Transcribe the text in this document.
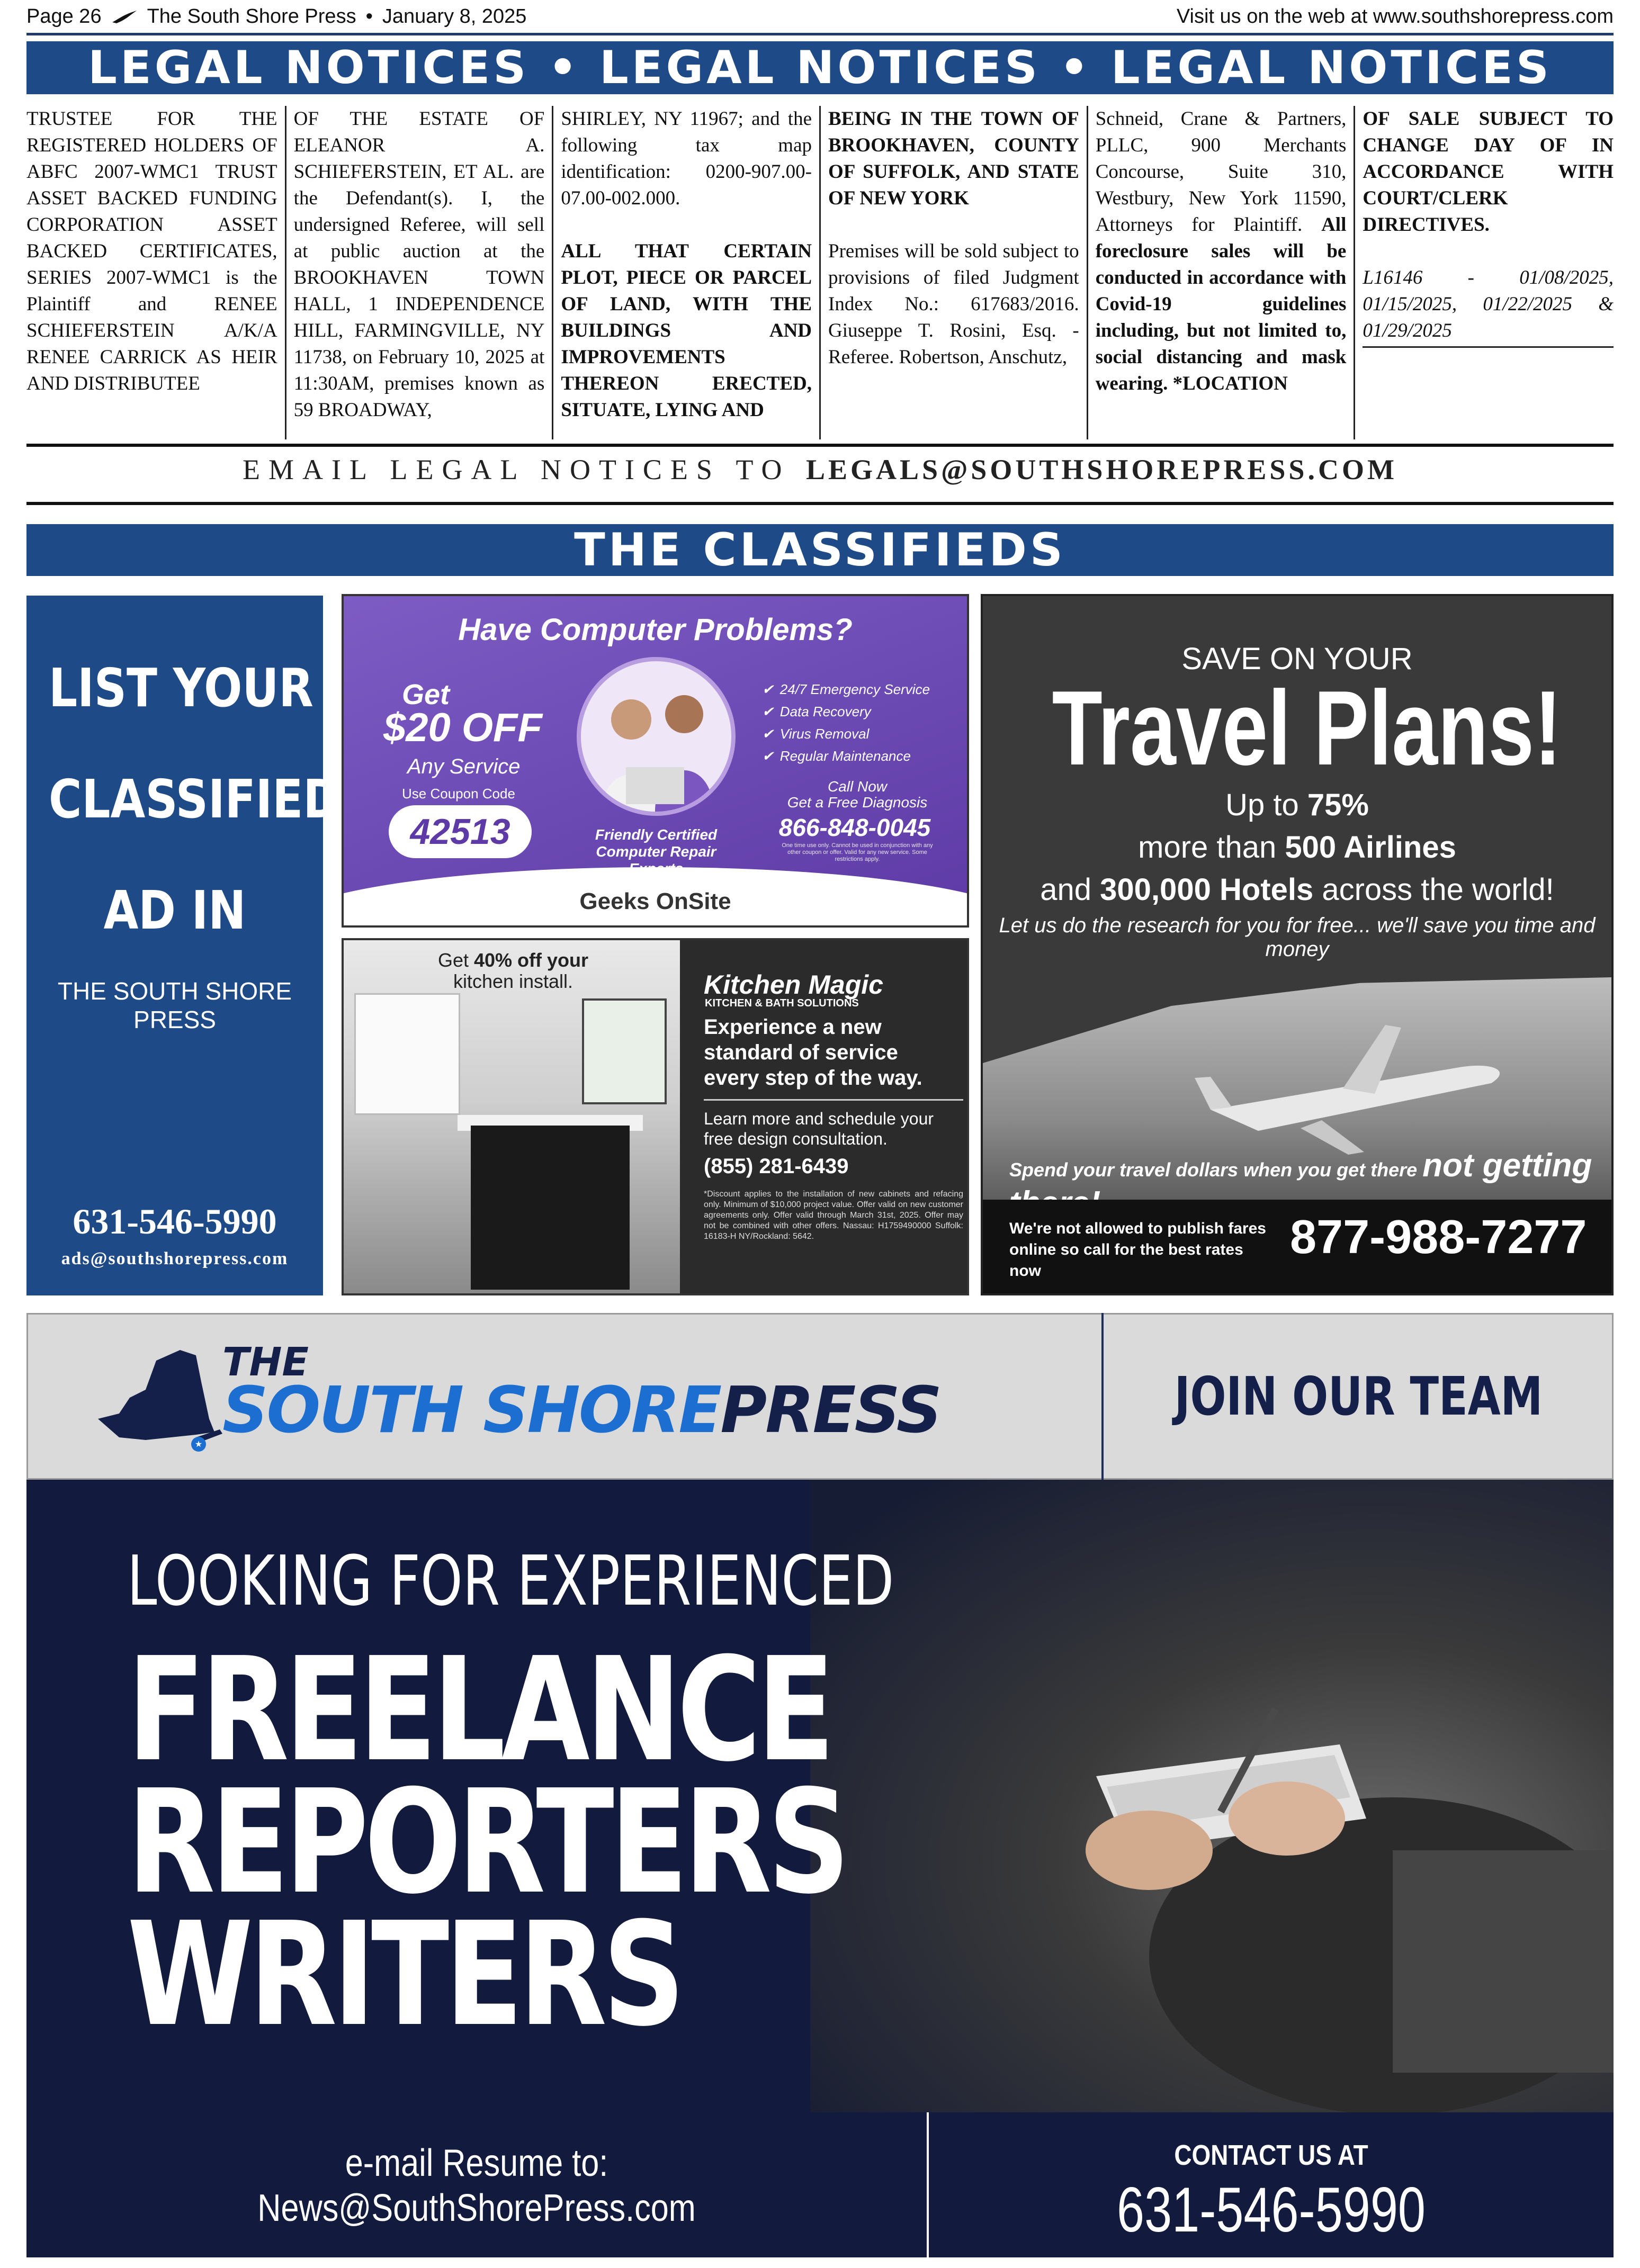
Page 26 The South Shore Press • January 8, 2025	Visit us on the web at www.southshorepress.com
LEGAL NOTICES • LEGAL NOTICES • LEGAL NOTICES

TRUSTEE FOR THE REGISTERED HOLDERS OF ABFC 2007-WMC1 TRUST ASSET BACKED FUNDING CORPORATION ASSET BACKED CERTIFICATES, SERIES 2007-WMC1 is the Plaintiff and RENEE SCHIEFERSTEIN A/K/A RENEE CARRICK AS HEIR AND DISTRIBUTEE

OF THE ESTATE OF ELEANOR A. SCHIEFERSTEIN, ET AL. are the Defendant(s). I, the undersigned Referee, will sell at public auction at the BROOKHAVEN TOWN HALL, 1 INDEPENDENCE HILL, FARMINGVILLE, NY 11738, on February 10, 2025 at 11:30AM, premises known as 59 BROADWAY,

SHIRLEY, NY 11967; and the following tax map identification: 0200-907.00-07.00-002.000.

ALL THAT CERTAIN PLOT, PIECE OR PARCEL OF LAND, WITH THE BUILDINGS AND IMPROVEMENTS THEREON ERECTED, SITUATE, LYING AND

BEING IN THE TOWN OF BROOKHAVEN, COUNTY OF SUFFOLK, AND STATE OF NEW YORK

Premises will be sold subject to provisions of filed Judgment Index No.: 617683/2016. Giuseppe T. Rosini, Esq. - Referee. Robertson, Anschutz,

Schneid, Crane & Partners, PLLC, 900 Merchants Concourse, Suite 310, Westbury, New York 11590, Attorneys for Plaintiff. All foreclosure sales will be conducted in accordance with Covid-19 guidelines including, but not limited to, social distancing and mask wearing. *LOCATION

OF SALE SUBJECT TO CHANGE DAY OF IN ACCORDANCE WITH COURT/CLERK DIRECTIVES.

L16146 - 01/08/2025, 01/15/2025, 01/22/2025 & 01/29/2025

EMAIL LEGAL NOTICES TO LEGALS@SOUTHSHOREPRESS.COM
THE CLASSIFIEDS
LIST YOUR
CLASSIFIED
AD IN
THE SOUTH SHORE PRESS
631-546-5990
ads@southshorepress.com
Have Computer Problems?
Get
$20 OFF
Any Service
Use Coupon Code
42513	Friendly Certified Computer Repair
✔ 24/7 Emergency Service
✔ Data Recovery
✔ Virus Removal
✔ Regular Maintenance
Call Now
Get a Free Diagnosis
866-848-0045
One time use only. Cannot be used in conjunction with any other coupon or offer. Valid for any new service. Some restrictions apply.
Geeks OnSite
Get 40% off your
kitchen install.	Kitchen Magic
KITCHEN & BATH SOLUTIONS
Experience a new standard of service every step of the way.
Learn more and schedule your free design consultation.
(855) 281-6439
*Discount applies to the installation of new cabinets and refacing only. Minimum of $10,000 project value. Offer valid on new customer agreements only. Offer valid through March 31st, 2025. Offer may not be combined with other offers. Nassau: H1759490000 Suffolk: 16183-H NY/Rockland: 5642.
SAVE ON YOUR
Travel Plans!
Up to 75%
more than 500 Airlines
and 300,000 Hotels across the world!
Let us do the research for you for free... we'll save you time and money
Spend your travel dollars when you get there not getting
We're not allowed to publish fares online so call for the best rates now
877-988-7277
★
THE
SOUTH SHOREPRESS	JOIN OUR TEAM
LOOKING FOR EXPERIENCED
FREELANCE
REPORTERS
WRITERS
e-mail Resume to:
News@SouthShorePress.com
CONTACT US AT
631-546-5990
